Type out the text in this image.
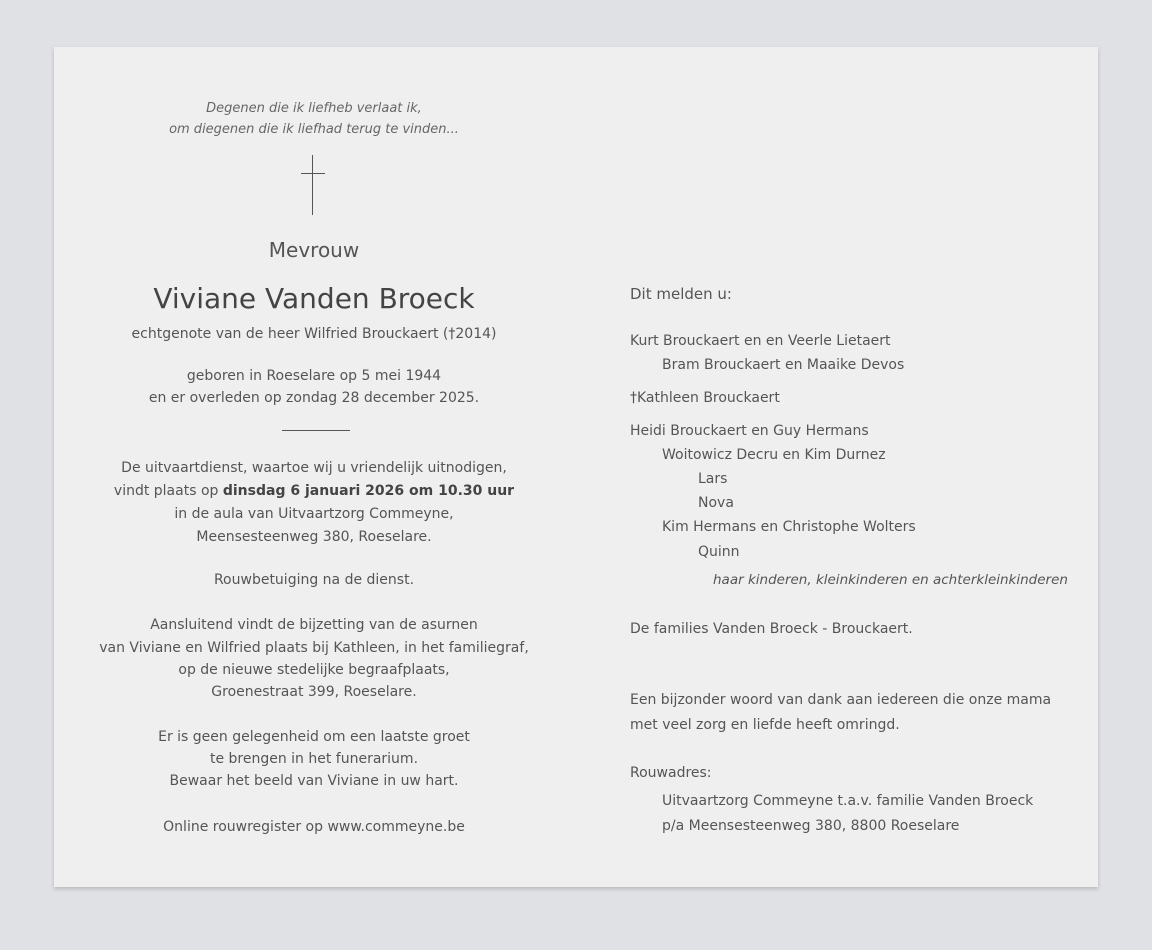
Degenen die ik liefheb verlaat ik,
om diegenen die ik liefhad terug te vinden...
Mevrouw
Viviane Vanden Broeck
echtgenote van de heer Wilfried Brouckaert (†2014)
geboren in Roeselare op 5 mei 1944
en er overleden op zondag 28 december 2025.
De uitvaartdienst, waartoe wij u vriendelijk uitnodigen,
vindt plaats op dinsdag 6 januari 2026 om 10.30 uur
in de aula van Uitvaartzorg Commeyne,
Meensesteenweg 380, Roeselare.
Rouwbetuiging na de dienst.
Aansluitend vindt de bijzetting van de asurnen
van Viviane en Wilfried plaats bij Kathleen, in het familiegraf,
op de nieuwe stedelijke begraafplaats,
Groenestraat 399, Roeselare.
Er is geen gelegenheid om een laatste groet
te brengen in het funerarium.
Bewaar het beeld van Viviane in uw hart.
Online rouwregister op www.commeyne.be
Dit melden u:
Kurt Brouckaert en en Veerle Lietaert
Bram Brouckaert en Maaike Devos
†Kathleen Brouckaert
Heidi Brouckaert en Guy Hermans
Woitowicz Decru en Kim Durnez
Lars
Nova
Kim Hermans en Christophe Wolters
Quinn
haar kinderen, kleinkinderen en achterkleinkinderen
De families Vanden Broeck - Brouckaert.
Een bijzonder woord van dank aan iedereen die onze mama
met veel zorg en liefde heeft omringd.
Rouwadres:
Uitvaartzorg Commeyne t.a.v. familie Vanden Broeck
p/a Meensesteenweg 380, 8800 Roeselare
